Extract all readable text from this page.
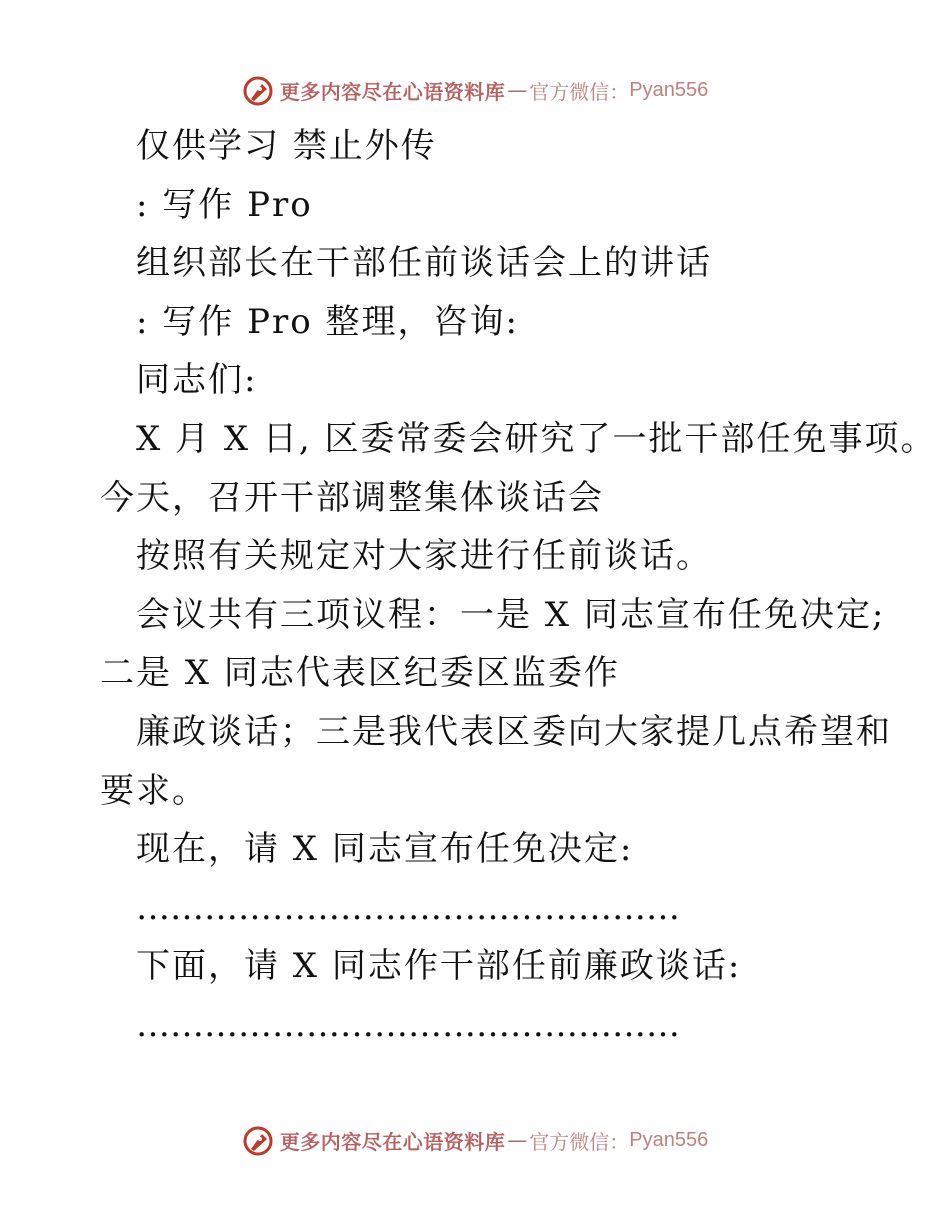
更多内容尽在心语资料库 — 官方微信： Pyan556
仅供学习 禁止外传
: 写作 Pro
组织部长在干部任前谈话会上的讲话
: 写作 Pro 整理，咨询:
同志们:
X 月 X 日, 区委常委会研究了一批干部任免事项。
今天，召开干部调整集体谈话会
按照有关规定对大家进行任前谈话。
会议共有三项议程：一是 X 同志宣布任免决定;
二是 X 同志代表区纪委区监委作
廉政谈话；三是我代表区委向大家提几点希望和
要求。
现在，请 X 同志宣布任免决定:
…………………………………………
下面，请 X 同志作干部任前廉政谈话:
…………………………………………
更多内容尽在心语资料库 — 官方微信： Pyan556
